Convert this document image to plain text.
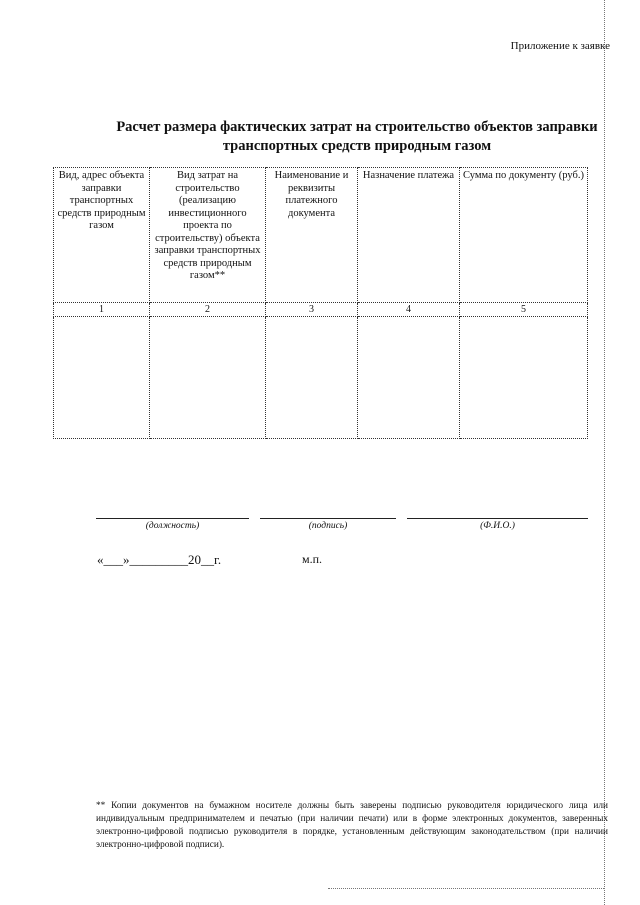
Приложение к заявке
Расчет размера фактических затрат на строительство объектов заправки
транспортных средств природным газом
Вид, адрес объекта заправки транспортных средств природным газом	Вид затрат на строительство (реализацию инвестиционного проекта по строительству) объекта заправки транспортных средств природным газом**	Наименование и реквизиты платежного документа	Назначение платежа	Сумма по документу (руб.)
1	2	3	4	5

(должность)	(подпись)	(Ф.И.О.)
«___»_________20__г.	м.п.
** Копии документов на бумажном носителе должны быть заверены подписью руководителя юридического лица или индивидуальным предпринимателем и печатью (при наличии печати) или в форме электронных документов, заверенных электронно-цифровой подписью руководителя в порядке, установленным действующим законодательством (при наличии электронно-цифровой подписи).
